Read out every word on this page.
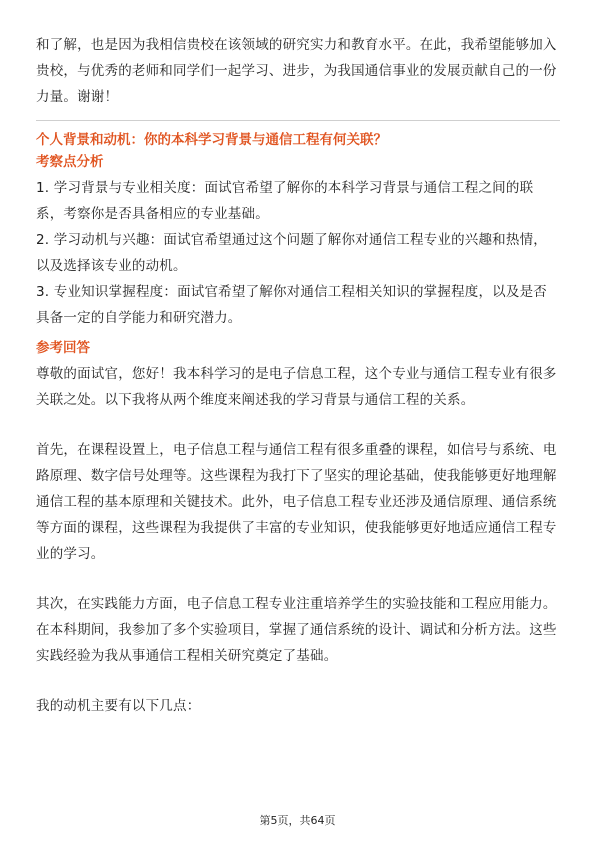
和了解，也是因为我相信贵校在该领域的研究实力和教育水平。在此，我希望能够加入贵校，与优秀的老师和同学们一起学习、进步，为我国通信事业的发展贡献自己的一份力量。谢谢！

个人背景和动机：你的本科学习背景与通信工程有何关联？

考察点分析

1. 学习背景与专业相关度：面试官希望了解你的本科学习背景与通信工程之间的联系，考察你是否具备相应的专业基础。

2. 学习动机与兴趣：面试官希望通过这个问题了解你对通信工程专业的兴趣和热情，以及选择该专业的动机。

3. 专业知识掌握程度：面试官希望了解你对通信工程相关知识的掌握程度，以及是否具备一定的自学能力和研究潜力。

参考回答

尊敬的面试官，您好！我本科学习的是电子信息工程，这个专业与通信工程专业有很多关联之处。以下我将从两个维度来阐述我的学习背景与通信工程的关系。

首先，在课程设置上，电子信息工程与通信工程有很多重叠的课程，如信号与系统、电路原理、数字信号处理等。这些课程为我打下了坚实的理论基础，使我能够更好地理解通信工程的基本原理和关键技术。此外，电子信息工程专业还涉及通信原理、通信系统等方面的课程，这些课程为我提供了丰富的专业知识，使我能够更好地适应通信工程专业的学习。

其次，在实践能力方面，电子信息工程专业注重培养学生的实验技能和工程应用能力。在本科期间，我参加了多个实验项目，掌握了通信系统的设计、调试和分析方法。这些实践经验为我从事通信工程相关研究奠定了基础。

我的动机主要有以下几点：

第5页，共64页
